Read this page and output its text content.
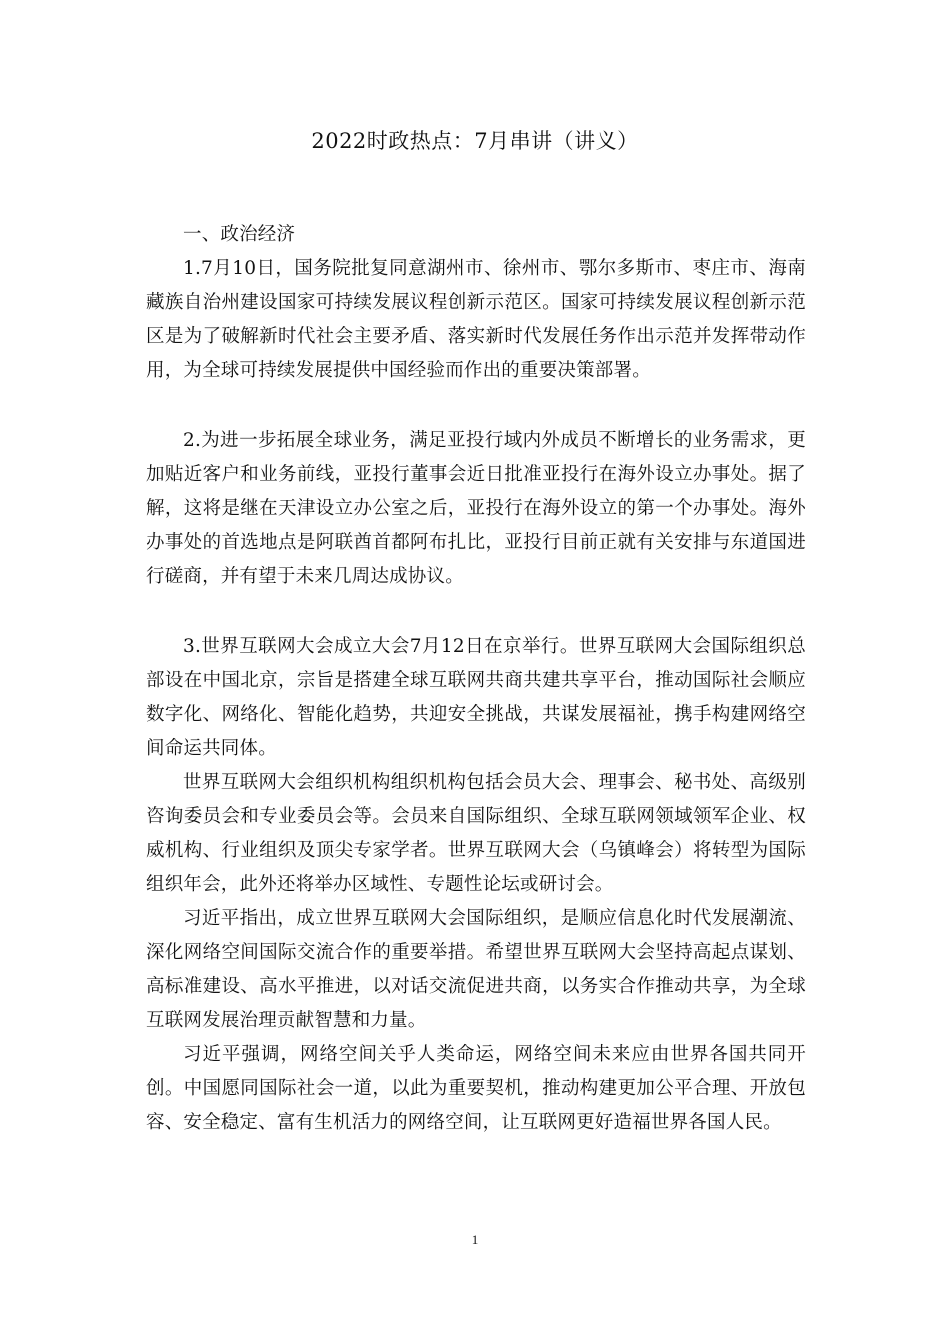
2022时政热点：7月串讲（讲义）

一、政治经济

1.7月10日，国务院批复同意湖州市、徐州市、鄂尔多斯市、枣庄市、海南藏族自治州建设国家可持续发展议程创新示范区。国家可持续发展议程创新示范区是为了破解新时代社会主要矛盾、落实新时代发展任务作出示范并发挥带动作用，为全球可持续发展提供中国经验而作出的重要决策部署。

2.为进一步拓展全球业务，满足亚投行域内外成员不断增长的业务需求，更加贴近客户和业务前线，亚投行董事会近日批准亚投行在海外设立办事处。据了解，这将是继在天津设立办公室之后，亚投行在海外设立的第一个办事处。海外办事处的首选地点是阿联酋首都阿布扎比，亚投行目前正就有关安排与东道国进行磋商，并有望于未来几周达成协议。

3.世界互联网大会成立大会7月12日在京举行。世界互联网大会国际组织总部设在中国北京，宗旨是搭建全球互联网共商共建共享平台，推动国际社会顺应数字化、网络化、智能化趋势，共迎安全挑战，共谋发展福祉，携手构建网络空间命运共同体。

世界互联网大会组织机构组织机构包括会员大会、理事会、秘书处、高级别咨询委员会和专业委员会等。会员来自国际组织、全球互联网领域领军企业、权威机构、行业组织及顶尖专家学者。世界互联网大会（乌镇峰会）将转型为国际组织年会，此外还将举办区域性、专题性论坛或研讨会。

习近平指出，成立世界互联网大会国际组织，是顺应信息化时代发展潮流、深化网络空间国际交流合作的重要举措。希望世界互联网大会坚持高起点谋划、高标准建设、高水平推进，以对话交流促进共商，以务实合作推动共享，为全球互联网发展治理贡献智慧和力量。

习近平强调，网络空间关乎人类命运，网络空间未来应由世界各国共同开创。中国愿同国际社会一道，以此为重要契机，推动构建更加公平合理、开放包容、安全稳定、富有生机活力的网络空间，让互联网更好造福世界各国人民。

1
